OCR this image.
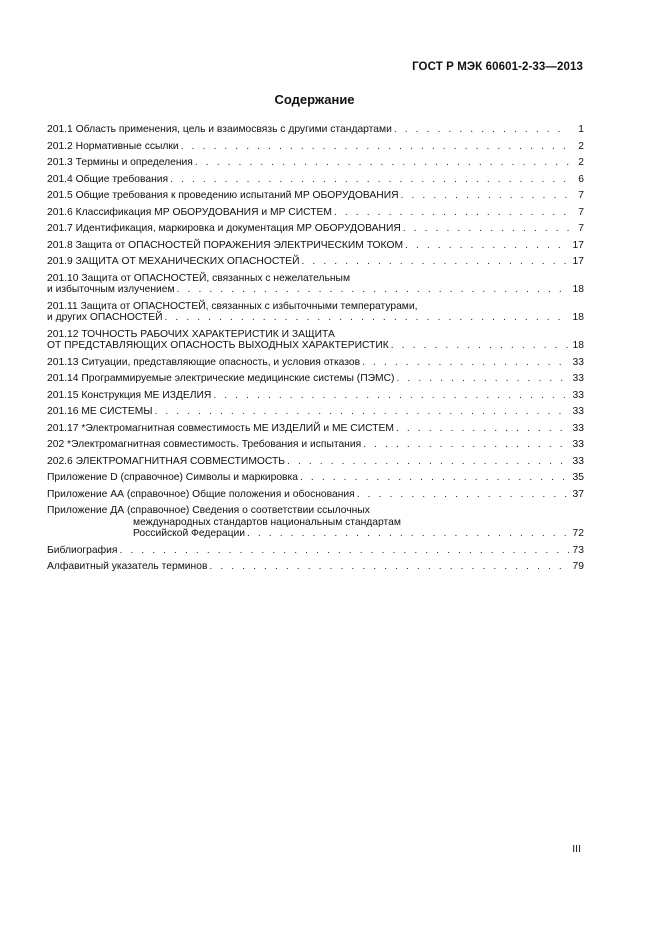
ГОСТ Р МЭК 60601-2-33—2013
Содержание
201.1 Область применения, цель и взаимосвязь с другими стандартами . . .	1
201.2 Нормативные ссылки . . .	2
201.3 Термины и определения . . .	2
201.4 Общие требования . . .	6
201.5 Общие требования к проведению испытаний МР ОБОРУДОВАНИЯ . . .	7
201.6 Классификация МР ОБОРУДОВАНИЯ и МР СИСТЕМ . . .	7
201.7 Идентификация, маркировка и документация МР ОБОРУДОВАНИЯ . . .	7
201.8 Защита от ОПАСНОСТЕЙ ПОРАЖЕНИЯ ЭЛЕКТРИЧЕСКИМ ТОКОМ . . .	17
201.9 ЗАЩИТА ОТ МЕХАНИЧЕСКИХ ОПАСНОСТЕЙ . . .	17
201.10 Защита от ОПАСНОСТЕЙ, связанных с нежелательным
и избыточным излучением . . .	18
201.11 Защита от ОПАСНОСТЕЙ, связанных с избыточными температурами,
и других ОПАСНОСТЕЙ . . .	18
201.12 ТОЧНОСТЬ РАБОЧИХ ХАРАКТЕРИСТИК И ЗАЩИТА
ОТ ПРЕДСТАВЛЯЮЩИХ ОПАСНОСТЬ ВЫХОДНЫХ ХАРАКТЕРИСТИК . . .	18
201.13 Ситуации, представляющие опасность, и условия отказов . . .	33
201.14 Программируемые электрические медицинские системы (ПЭМС) . . .	33
201.15 Конструкция МЕ ИЗДЕЛИЯ . . .	33
201.16 МЕ СИСТЕМЫ . . .	33
201.17 *Электромагнитная совместимость МЕ ИЗДЕЛИЙ и МЕ СИСТЕМ . . .	33
202 *Электромагнитная совместимость. Требования и испытания . . .	33
202.6 ЭЛЕКТРОМАГНИТНАЯ СОВМЕСТИМОСТЬ . . .	33
Приложение D (справочное) Символы и маркировка . . .	35
Приложение АА (справочное) Общие положения и обоснования . . .	37
Приложение ДА (справочное) Сведения о соответствии ссылочных
международных стандартов национальным стандартам
Российской Федерации . . .	72
Библиография . . .	73
Алфавитный указатель терминов . . .	79
III
